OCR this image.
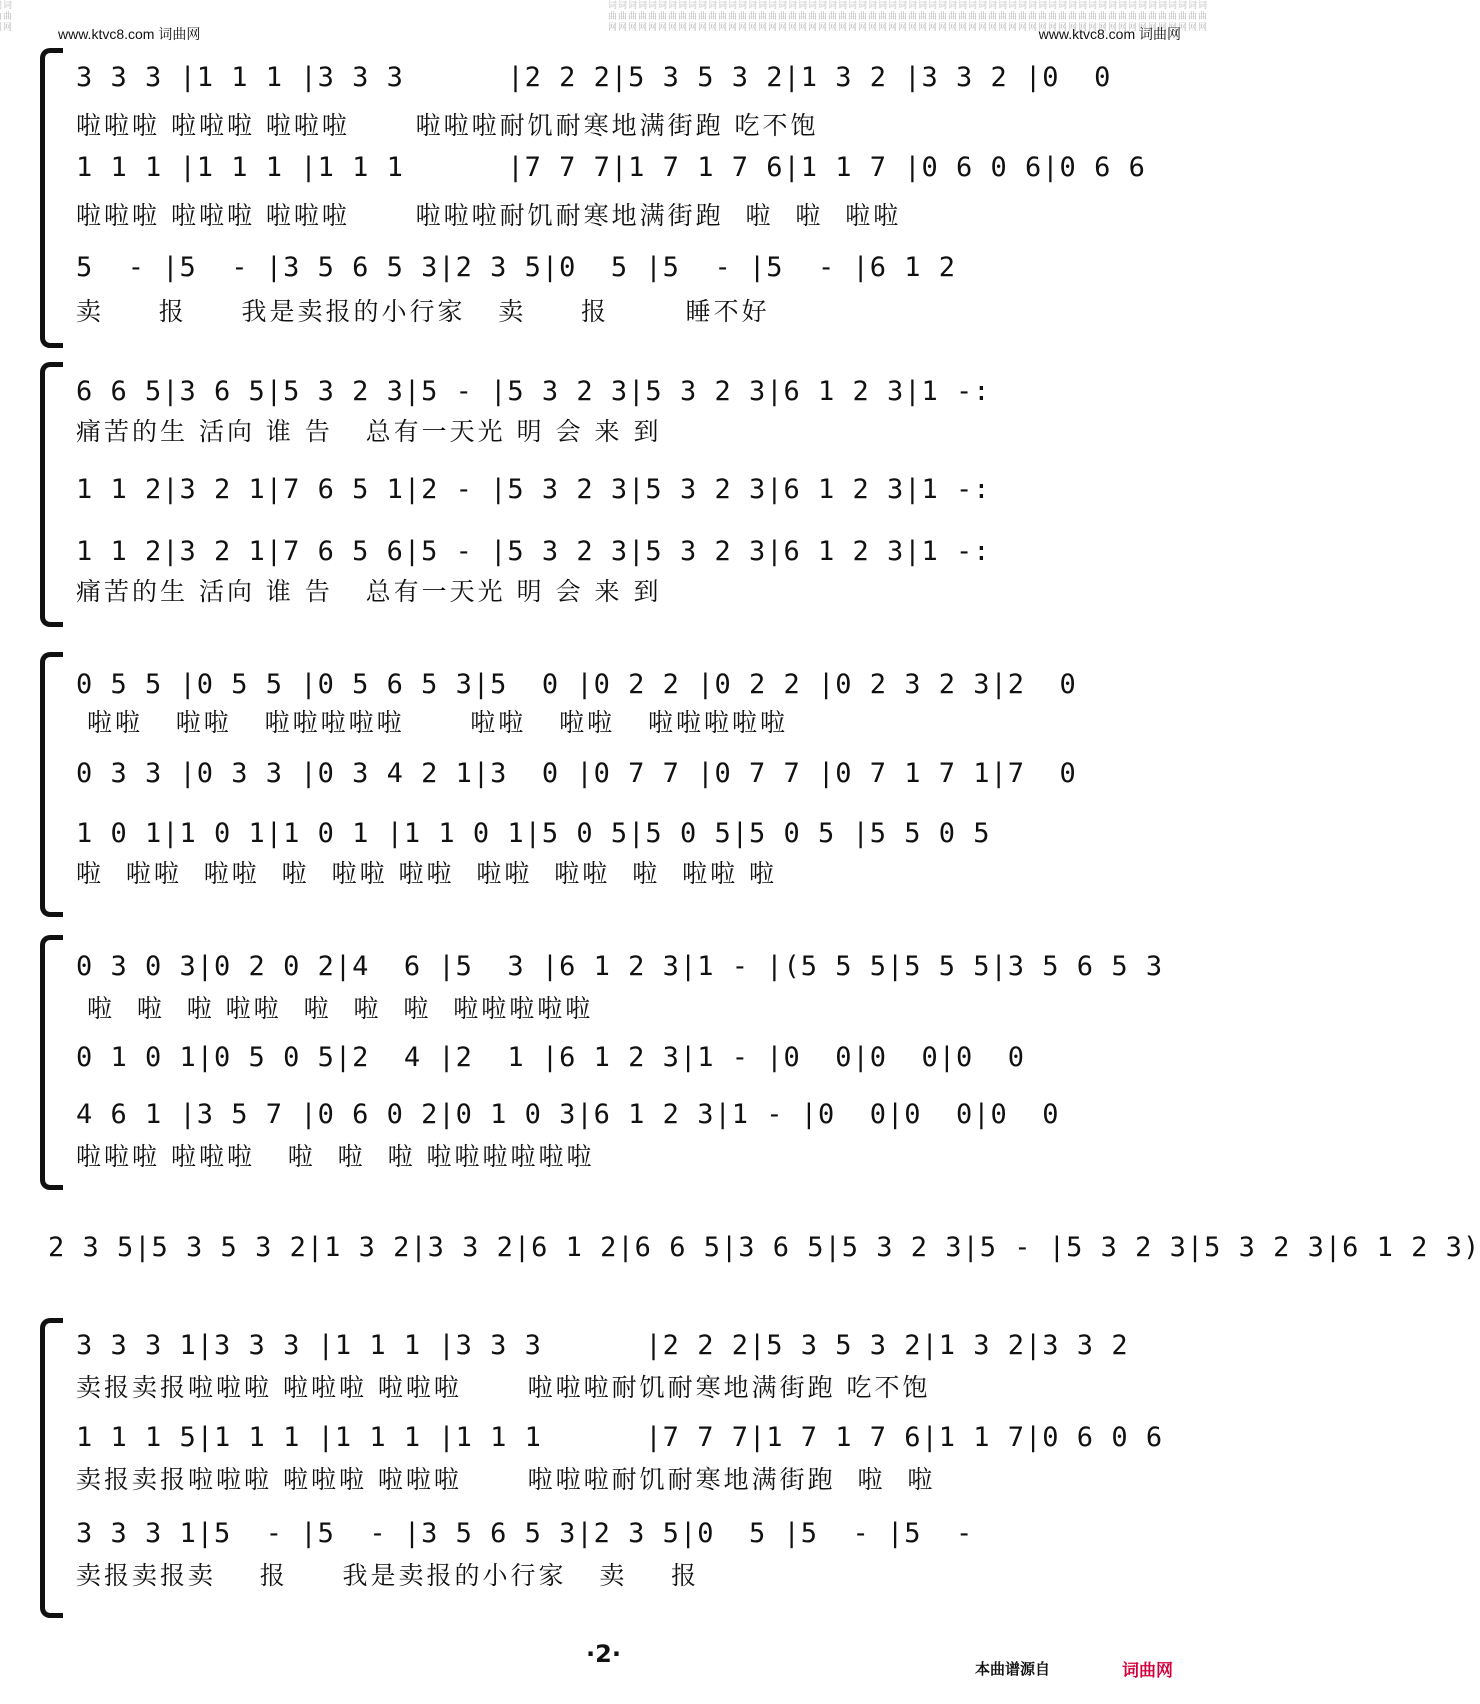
词曲网	词曲网
词曲网
词曲网
词曲网
词曲网
词曲网
词曲网
词曲网
词曲网
词曲网
词曲网
词曲网
词曲网
词曲网
词曲网
词曲网
词曲网
词曲网
词曲网
词曲网
词曲网
词曲网
词曲网
词曲网
词曲网
词曲网
词曲网
词曲网
词曲网
词曲网
词曲网
词曲网
词曲网
词曲网
词曲网
词曲网
词曲网
词曲网
词曲网
词曲网
词曲网
词曲网
词曲网
词曲网
词曲网
词曲网
词曲网
词曲网
词曲网
词曲网
词曲网
词曲网
词曲网
词曲网
词曲网
词曲网
词曲网
词曲网
词曲网
词曲网
www.ktvc8.com 词曲网	www.ktvc8.com 词曲网
3 3 3 |1 1 1 |3 3 3      |2 2 2|5 3 5 3 2|1 3 2 |3 3 2 |0  0
啦啦啦 啦啦啦 啦啦啦      啦啦啦耐饥耐寒地满街跑 吃不饱
1 1 1 |1 1 1 |1 1 1      |7 7 7|1 7 1 7 6|1 1 7 |0 6 0 6|0 6 6
啦啦啦 啦啦啦 啦啦啦      啦啦啦耐饥耐寒地满街跑  啦  啦  啦啦
5  - |5  - |3 5 6 5 3|2 3 5|0  5 |5  - |5  - |6 1 2
卖     报     我是卖报的小行家   卖     报       睡不好
6 6 5|3 6 5|5 3 2 3|5 - |5 3 2 3|5 3 2 3|6 1 2 3|1 -:
痛苦的生 活向 谁 告   总有一天光 明 会 来 到
1 1 2|3 2 1|7 6 5 1|2 - |5 3 2 3|5 3 2 3|6 1 2 3|1 -:
1 1 2|3 2 1|7 6 5 6|5 - |5 3 2 3|5 3 2 3|6 1 2 3|1 -:
痛苦的生 活向 谁 告   总有一天光 明 会 来 到
0 5 5 |0 5 5 |0 5 6 5 3|5  0 |0 2 2 |0 2 2 |0 2 3 2 3|2  0
啦啦   啦啦   啦啦啦啦啦      啦啦   啦啦   啦啦啦啦啦
0 3 3 |0 3 3 |0 3 4 2 1|3  0 |0 7 7 |0 7 7 |0 7 1 7 1|7  0
1 0 1|1 0 1|1 0 1 |1 1 0 1|5 0 5|5 0 5|5 0 5 |5 5 0 5
啦  啦啦  啦啦  啦  啦啦 啦啦  啦啦  啦啦  啦  啦啦 啦
0 3 0 3|0 2 0 2|4  6 |5  3 |6 1 2 3|1 - |(5 5 5|5 5 5|3 5 6 5 3
啦  啦  啦 啦啦  啦  啦  啦  啦啦啦啦啦
0 1 0 1|0 5 0 5|2  4 |2  1 |6 1 2 3|1 - |0  0|0  0|0  0
4 6 1 |3 5 7 |0 6 0 2|0 1 0 3|6 1 2 3|1 - |0  0|0  0|0  0
啦啦啦 啦啦啦   啦  啦  啦 啦啦啦啦啦啦
2 3 5|5 3 5 3 2|1 3 2|3 3 2|6 1 2|6 6 5|3 6 5|5 3 2 3|5 - |5 3 2 3|5 3 2 3|6 1 2 3)
3 3 3 1|3 3 3 |1 1 1 |3 3 3      |2 2 2|5 3 5 3 2|1 3 2|3 3 2
卖报卖报啦啦啦 啦啦啦 啦啦啦      啦啦啦耐饥耐寒地满街跑 吃不饱
1 1 1 5|1 1 1 |1 1 1 |1 1 1      |7 7 7|1 7 1 7 6|1 1 7|0 6 0 6
卖报卖报啦啦啦 啦啦啦 啦啦啦      啦啦啦耐饥耐寒地满街跑  啦  啦
3 3 3 1|5  - |5  - |3 5 6 5 3|2 3 5|0  5 |5  - |5  -
卖报卖报卖    报     我是卖报的小行家   卖    报
·2·
本曲谱源自	词曲网
